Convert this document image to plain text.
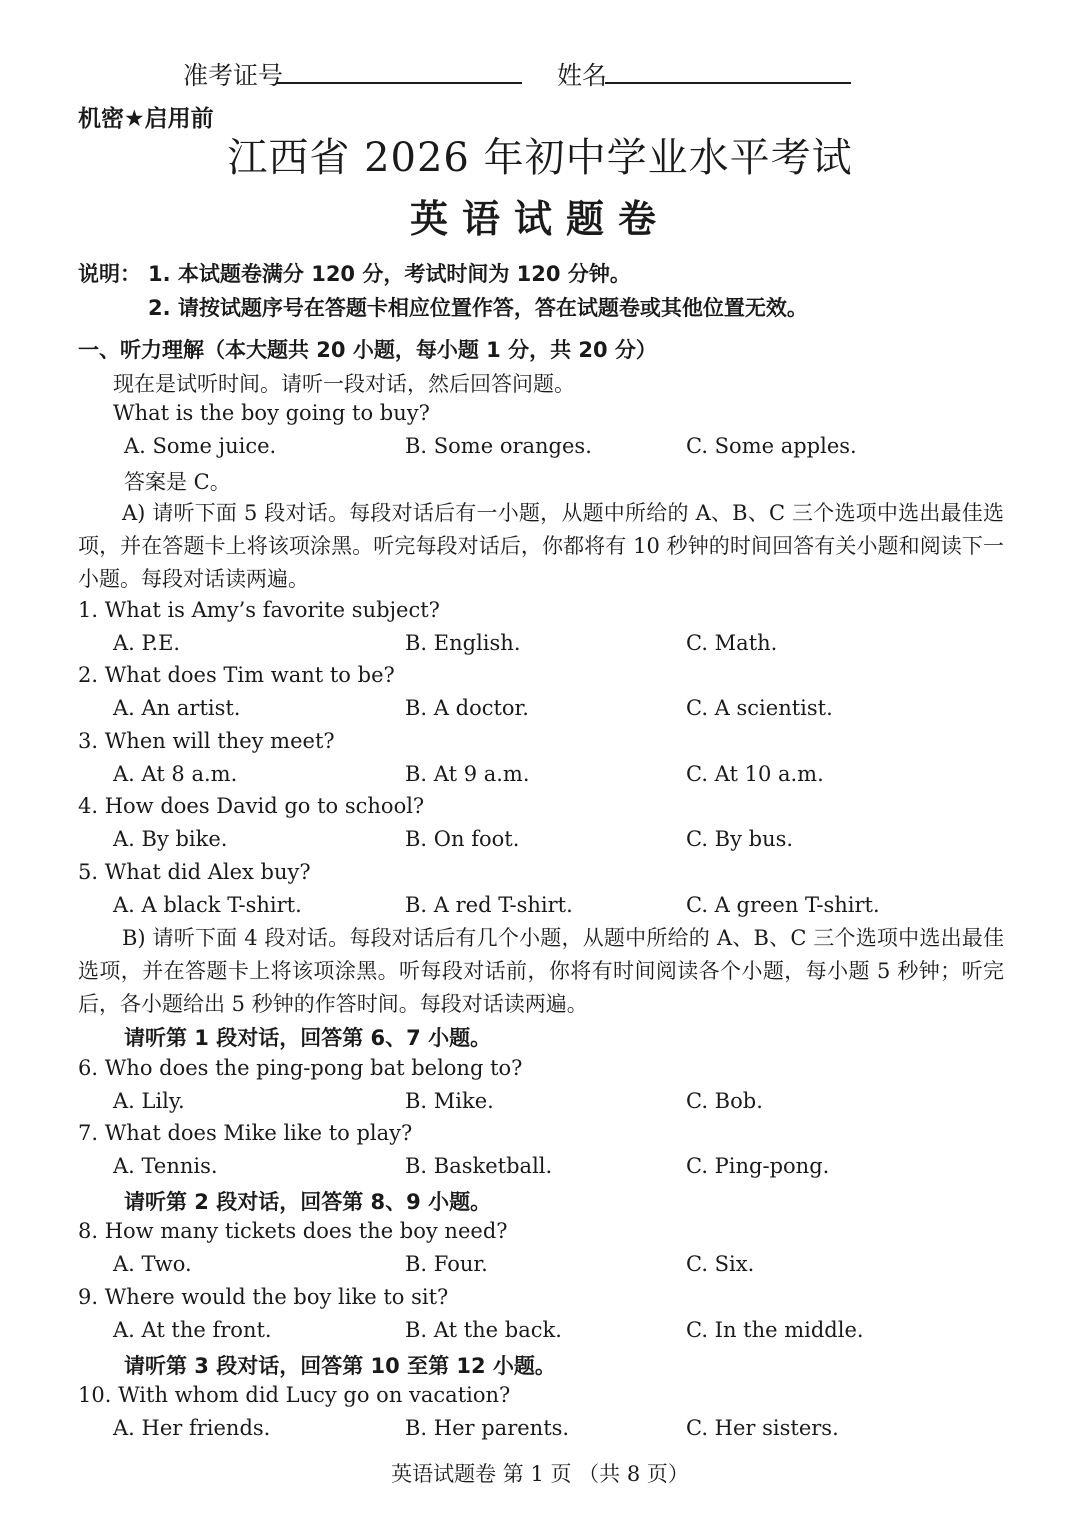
准考证号	姓名
机密★启用前
江西省 2026 年初中学业水平考试
英语试题卷
说明： 1. 本试题卷满分 120 分，考试时间为 120 分钟。
2. 请按试题序号在答题卡相应位置作答，答在试题卷或其他位置无效。
一、听力理解（本大题共 20 小题，每小题 1 分，共 20 分）
现在是试听时间。请听一段对话，然后回答问题。
What is the boy going to buy?
A. Some juice.	B. Some oranges.	C. Some apples.
答案是 C。
A) 请听下面 5 段对话。每段对话后有一小题，从题中所给的 A、B、C 三个选项中选出最佳选项，并在答题卡上将该项涂黑。听完每段对话后，你都将有 10 秒钟的时间回答有关小题和阅读下一小题。每段对话读两遍。
1. What is Amy’s favorite subject?
A. P.E.	B. English.	C. Math.
2. What does Tim want to be?
A. An artist.	B. A doctor.	C. A scientist.
3. When will they meet?
A. At 8 a.m.	B. At 9 a.m.	C. At 10 a.m.
4. How does David go to school?
A. By bike.	B. On foot.	C. By bus.
5. What did Alex buy?
A. A black T-shirt.	B. A red T-shirt.	C. A green T-shirt.
B) 请听下面 4 段对话。每段对话后有几个小题，从题中所给的 A、B、C 三个选项中选出最佳选项，并在答题卡上将该项涂黑。听每段对话前，你将有时间阅读各个小题，每小题 5 秒钟；听完后，各小题给出 5 秒钟的作答时间。每段对话读两遍。
请听第 1 段对话，回答第 6、7 小题。
6. Who does the ping-pong bat belong to?
A. Lily.	B. Mike.	C. Bob.
7. What does Mike like to play?
A. Tennis.	B. Basketball.	C. Ping-pong.
请听第 2 段对话，回答第 8、9 小题。
8. How many tickets does the boy need?
A. Two.	B. Four.	C. Six.
9. Where would the boy like to sit?
A. At the front.	B. At the back.	C. In the middle.
请听第 3 段对话，回答第 10 至第 12 小题。
10. With whom did Lucy go on vacation?
A. Her friends.	B. Her parents.	C. Her sisters.
英语试题卷 第 1 页 （共 8 页）
